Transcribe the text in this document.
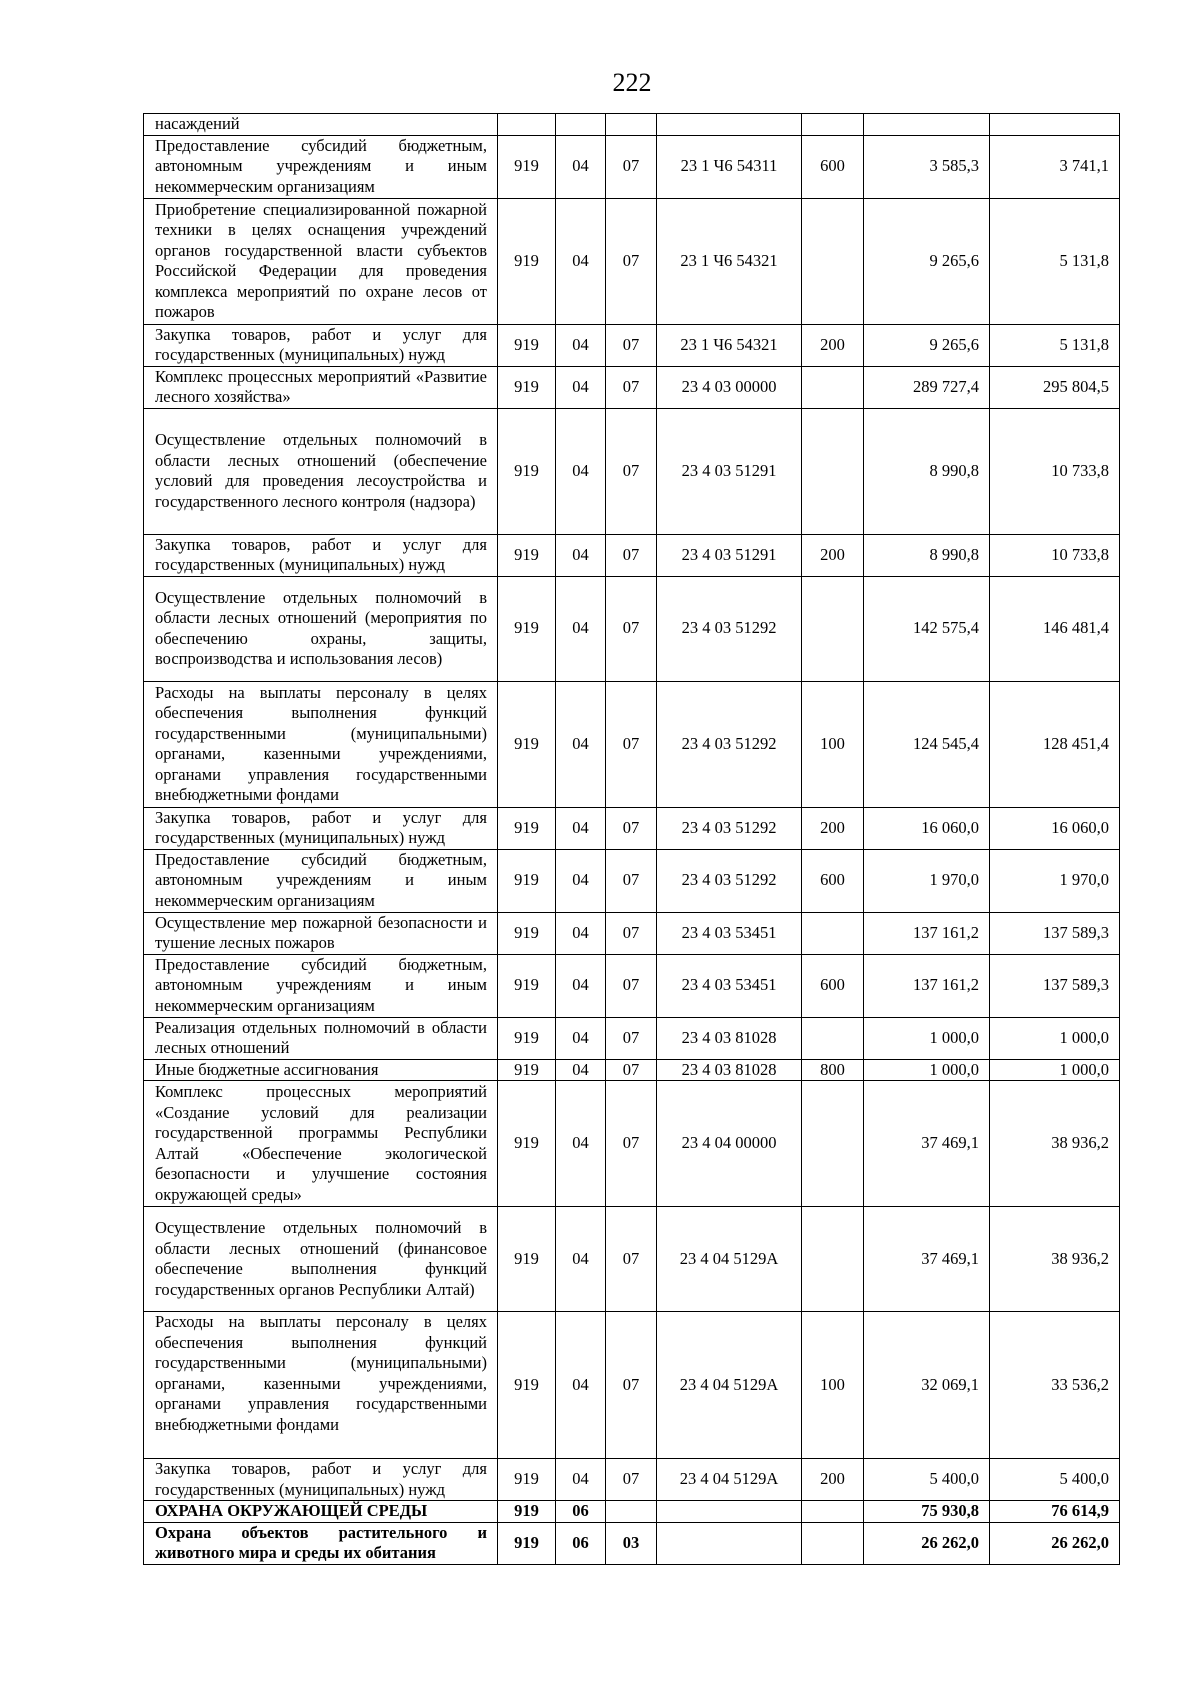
222
насаждений							
Предоставление субсидий бюджетным, автономным учреждениям и иным некоммерческим организациям	919	04	07	23 1 Ч6 54311	600	3 585,3	3 741,1
Приобретение специализированной пожарной техники в целях оснащения учреждений органов государственной власти субъектов Российской Федерации для проведения комплекса мероприятий по охране лесов от пожаров	919	04	07	23 1 Ч6 54321		9 265,6	5 131,8
Закупка товаров, работ и услуг для государственных (муниципальных) нужд	919	04	07	23 1 Ч6 54321	200	9 265,6	5 131,8
Комплекс процессных мероприятий «Развитие лесного хозяйства»	919	04	07	23 4 03 00000		289 727,4	295 804,5
Осуществление отдельных полномочий в области лесных отношений (обеспечение условий для проведения лесоустройства и государственного лесного контроля (надзора)	919	04	07	23 4 03 51291		8 990,8	10 733,8
Закупка товаров, работ и услуг для государственных (муниципальных) нужд	919	04	07	23 4 03 51291	200	8 990,8	10 733,8
Осуществление отдельных полномочий в области лесных отношений (мероприятия по обеспечению охраны, защиты, воспроизводства и использования лесов)	919	04	07	23 4 03 51292		142 575,4	146 481,4
Расходы на выплаты персоналу в целях обеспечения выполнения функций государственными (муниципальными) органами, казенными учреждениями, органами управления государственными внебюджетными фондами	919	04	07	23 4 03 51292	100	124 545,4	128 451,4
Закупка товаров, работ и услуг для государственных (муниципальных) нужд	919	04	07	23 4 03 51292	200	16 060,0	16 060,0
Предоставление субсидий бюджетным, автономным учреждениям и иным некоммерческим организациям	919	04	07	23 4 03 51292	600	1 970,0	1 970,0
Осуществление мер пожарной безопасности и тушение лесных пожаров	919	04	07	23 4 03 53451		137 161,2	137 589,3
Предоставление субсидий бюджетным, автономным учреждениям и иным некоммерческим организациям	919	04	07	23 4 03 53451	600	137 161,2	137 589,3
Реализация отдельных полномочий в области лесных отношений	919	04	07	23 4 03 81028		1 000,0	1 000,0
Иные бюджетные ассигнования	919	04	07	23 4 03 81028	800	1 000,0	1 000,0
Комплекс процессных мероприятий «Создание условий для реализации государственной программы Республики Алтай «Обеспечение экологической безопасности и улучшение состояния окружающей среды»	919	04	07	23 4 04 00000		37 469,1	38 936,2
Осуществление отдельных полномочий в области лесных отношений (финансовое обеспечение выполнения функций государственных органов Республики Алтай)	919	04	07	23 4 04 5129А		37 469,1	38 936,2
Расходы на выплаты персоналу в целях обеспечения выполнения функций государственными (муниципальными) органами, казенными учреждениями, органами управления государственными внебюджетными фондами	919	04	07	23 4 04 5129А	100	32 069,1	33 536,2
Закупка товаров, работ и услуг для государственных (муниципальных) нужд	919	04	07	23 4 04 5129А	200	5 400,0	5 400,0
ОХРАНА ОКРУЖАЮЩЕЙ СРЕДЫ	919	06				75 930,8	76 614,9
Охрана объектов растительного и животного мира и среды их обитания	919	06	03			26 262,0	26 262,0
